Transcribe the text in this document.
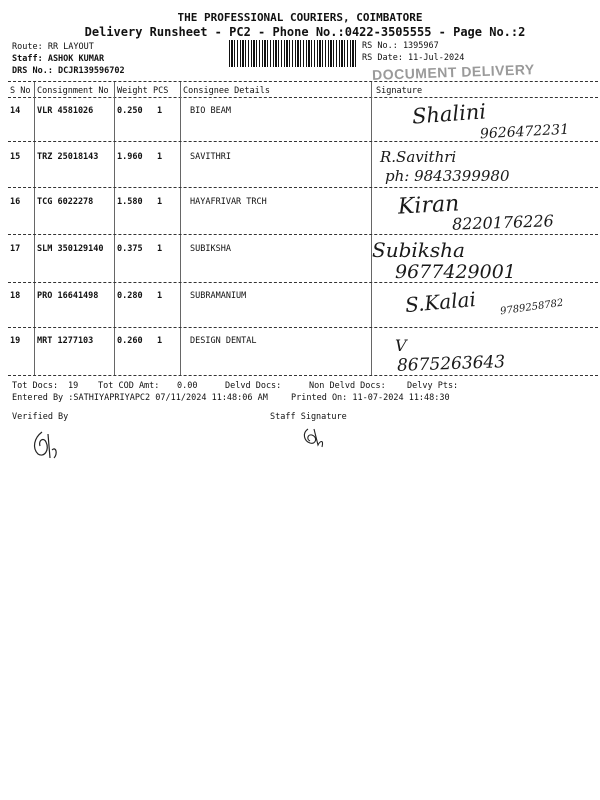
THE PROFESSIONAL COURIERS, COIMBATORE
Delivery Runsheet - PC2 - Phone No.:0422-3505555 - Page No.:2
Route: RR LAYOUT
Staff: ASHOK KUMAR
DRS No.: DCJR139596702
RS No.: 1395967
RS Date: 11-Jul-2024
DOCUMENT DELIVERY
S No Consignment No Weight PCS Consignee Details	Signature
14 VLR 4581026	0.250 1	BIO BEAM	Shalini
9626472231
15 TRZ 25018143 1.960 1	SAVITHRI	R.Savithri
ph: 9843399980
16 TCG 6022278	1.580 1	HAYAFRIVAR TRCH	Kiran
8220176226
17 SLM 350129140 0.375 1	SUBIKSHA	Subiksha
9677429001
18 PRO 16641498 0.280 1	SUBRAMANIUM	S.Kalai 9789258782
19 MRT 1277103	0.260 1	DESIGN DENTAL	V
8675263643
Tot Docs: 19 Tot COD Amt: 0.00	Delvd Docs:	Non Delvd Docs: Delvy Pts:
Entered By :SATHIYAPRIYAPC2 07/11/2024 11:48:06 AM	Printed On: 11-07-2024 11:48:30
Verified By	Staff Signature
